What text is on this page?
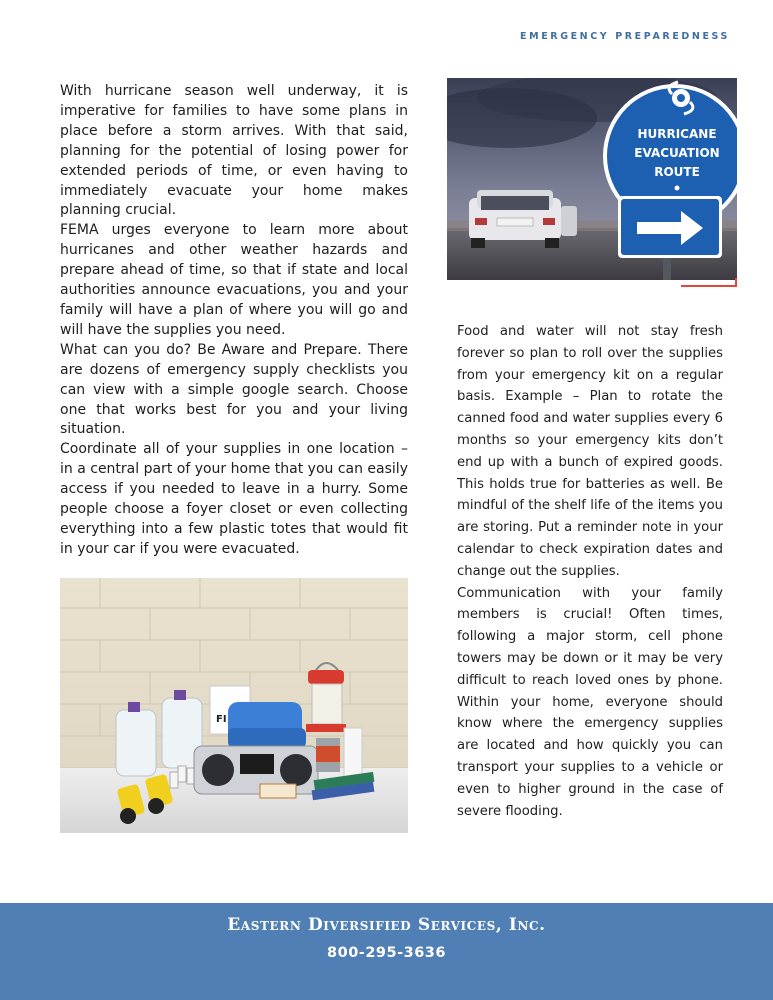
EMERGENCY PREPAREDNESS

With hurricane season well underway, it is imperative for families to have some plans in place before a storm arrives. With that said, planning for the potential of losing power for extended periods of time, or even having to immediately evacuate your home makes planning crucial.

FEMA urges everyone to learn more about hurricanes and other weather hazards and prepare ahead of time, so that if state and local authorities announce evacuations, you and your family will have a plan of where you will go and will have the supplies you need.

What can you do? Be Aware and Prepare. There are dozens of emergency supply checklists you can view with a simple google search. Choose one that works best for you and your living situation.

Coordinate all of your supplies in one location – in a central part of your home that you can easily access if you needed to leave in a hurry. Some people choose a foyer closet or even collecting everything into a few plastic totes that would fit in your car if you were evacuated.

HURRICANE
EVACUATION
ROUTE

Food and water will not stay fresh forever so plan to roll over the supplies from your emergency kit on a regular basis. Example – Plan to rotate the canned food and water supplies every 6 months so your emergency kits don’t end up with a bunch of expired goods. This holds true for batteries as well. Be mindful of the shelf life of the items you are storing. Put a reminder note in your calendar to check expiration dates and change out the supplies.

Communication with your family members is crucial! Often times, following a major storm, cell phone towers may be down or it may be very difficult to reach loved ones by phone. Within your home, everyone should know where the emergency supplies are located and how quickly you can transport your supplies to a vehicle or even to higher ground in the case of severe flooding.

FI
Eastern Diversified Services, Inc.
800-295-3636
